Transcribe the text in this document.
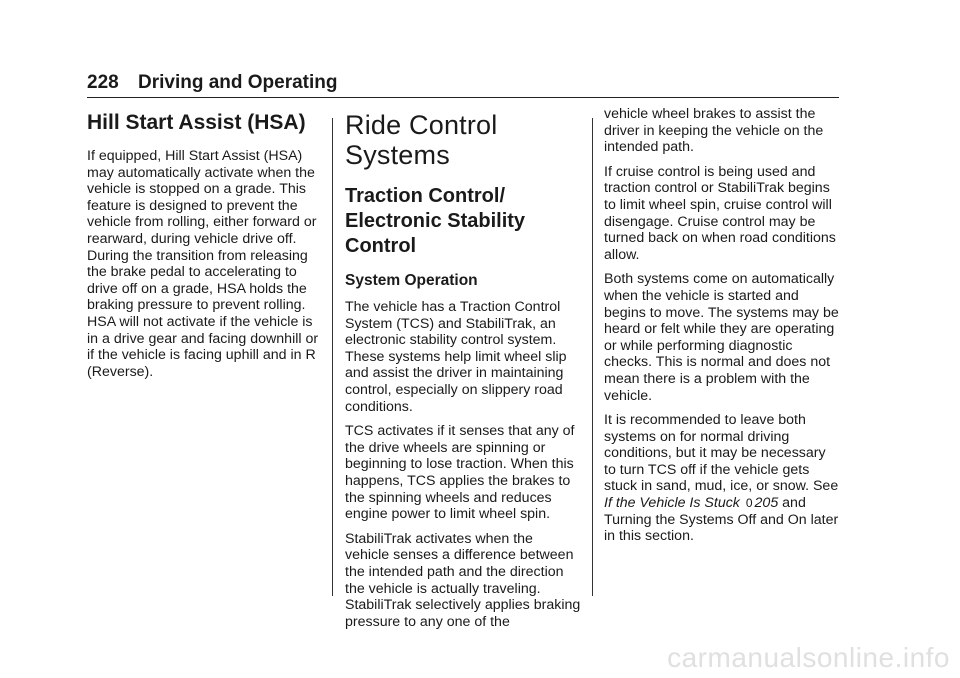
228 Driving and Operating
Hill Start Assist (HSA)

If equipped, Hill Start Assist (HSA) may automatically activate when the vehicle is stopped on a grade. This feature is designed to prevent the vehicle from rolling, either forward or rearward, during vehicle drive off. During the transition from releasing the brake pedal to accelerating to drive off on a grade, HSA holds the braking pressure to prevent rolling. HSA will not activate if the vehicle is in a drive gear and facing downhill or if the vehicle is facing uphill and in R (Reverse).

Ride Control Systems
Traction Control/ Electronic Stability Control
System Operation

The vehicle has a Traction Control System (TCS) and StabiliTrak, an electronic stability control system. These systems help limit wheel slip and assist the driver in maintaining control, especially on slippery road conditions.

TCS activates if it senses that any of the drive wheels are spinning or beginning to lose traction. When this happens, TCS applies the brakes to the spinning wheels and reduces engine power to limit wheel spin.

StabiliTrak activates when the vehicle senses a difference between the intended path and the direction the vehicle is actually traveling. StabiliTrak selectively applies braking pressure to any one of the

vehicle wheel brakes to assist the driver in keeping the vehicle on the intended path.

If cruise control is being used and traction control or StabiliTrak begins to limit wheel spin, cruise control will disengage. Cruise control may be turned back on when road conditions allow.

Both systems come on automatically when the vehicle is started and begins to move. The systems may be heard or felt while they are operating or while performing diagnostic checks. This is normal and does not mean there is a problem with the vehicle.

It is recommended to leave both systems on for normal driving conditions, but it may be necessary to turn TCS off if the vehicle gets stuck in sand, mud, ice, or snow. See If the Vehicle Is Stuck 0 205 and Turning the Systems Off and On later in this section.

carmanualsonline.info
